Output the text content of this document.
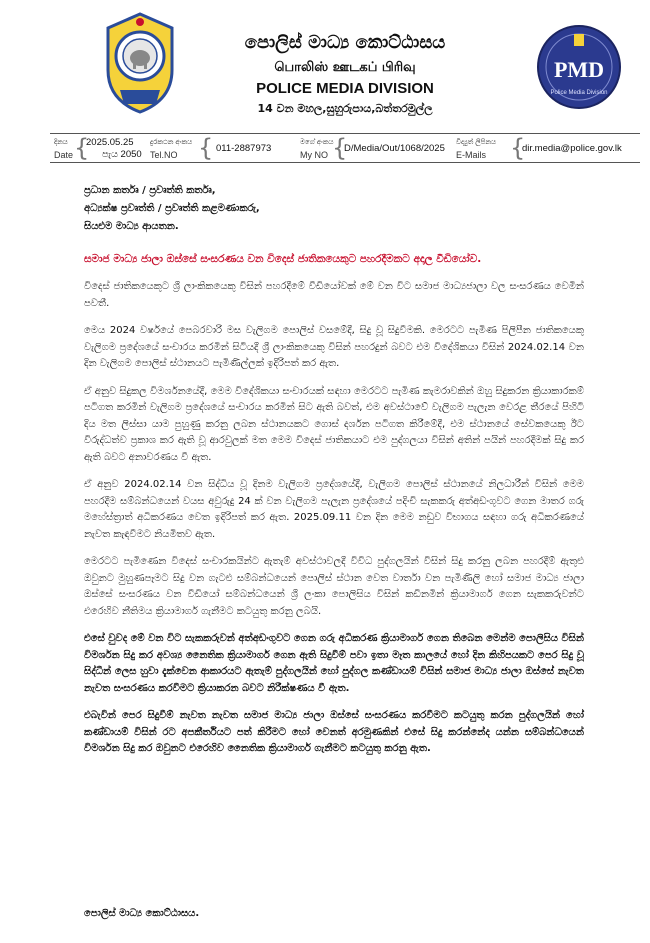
පොලිස් මාධ්‍ය කොට්ඨාසය
பொலிஸ் ஊடகப் பிரிவு
POLICE MEDIA DIVISION
14 වන මහල,සුහුරුපාය,බත්තරමුල්ල
PMD
Police Media Division
දිනය
Date {
2025.05.25
පැය 2050
දුරකථන අංකය
Tel.NO { 011-2887973
මගේ අංකය
My NO {
D/Media/Out/1068/2025
විද්‍යුත් ලිපිනය
E-Mails {
dir.media@police.gov.lk
ප්‍රධාන කර්තෘ / ප්‍රවෘත්ති කර්තෘ,
අධ්‍යක්ෂ ප්‍රවෘත්ති / ප්‍රවෘත්ති කළමණාකරු,
සියළුම මාධ්‍ය ආයතන.
සමාජ මාධ්‍ය ජාලා ඔස්සේ සංසරණය වන විදෙස් ජාතිකයෙකුට පහරදීමකට අදාල වීඩියෝව.

විදෙස් ජාතිකයෙකුට ශ්‍රී ලාංකිකයෙකු විසින් පහරදීමේ වීඩියෝවක් මේ වන විට සමාජ මාධ්‍යජාලා වල සංසරණය වෙමින් පවතී.

මෙය 2024 වර්ෂයේ පෙබරවාරි මස වැලිගම පොලිස් වසමේදී, සිදු වූ සිදුවීමකි. මෙරටට පැමිණ පිලිපීන ජාතිකයෙකු වැලිගම ප්‍රදේශයේ සංචාරය කරමින් සිටියදී ශ්‍රී ලාංකිකයෙකු විසින් පහරදුන් බවට එම විදේශිකයා විසින් 2024.02.14 වන දින වැලිගම පොලිස් ස්ථානයට පැමිණිල්ලක් ඉදිරිපත් කර ඇත.

ඒ අනුව සිදුකල විමර්ශනයේදී, මෙම විදේශිකයා සංචාරයක් සඳහා මෙරටට පැමිණ කැමරාවකින් ඔහු සිදුකරන ක්‍රියාකාරකම් පටිගත කරමින් වැලිගම ප්‍රදේශයේ සංචාරය කරමින් සිට ඇති බවත්, එම අවස්ථාවේ වැලිගම පැලැන වෙරළ තීරයේ පිහිටි දිය මත ලිස්සා යාම පුහුණු කරනු ලබන ස්ථානයකට ගොස් දර්ශන පටිගත කිරීමේදී, එම ස්ථානයේ සේවකයෙකු ඊට විරුද්ධත්ව ප්‍රකාශ කර ඇති වූ ආරවුලක් මත මෙම විදෙස් ජාතිකයාට එම පුද්ගලයා විසින් අතින් පයින් පහරදීමක් සිදු කර ඇති බවට අනාවරණය වී ඇත.

ඒ අනුව 2024.02.14 වන සිද්ධිය වූ දිනම වැලිගම ප්‍රදේශයේදී, වැලිගම පොලිස් ස්ථානයේ නිලධාරීන් විසින් මෙම පහරදීම සම්බන්ධයෙන් වයස අවුරුදු 24 ක් වන වැලිගම පැලැන ප්‍රදේශයේ පදිංචි සැකකරු අත්අඩංගුවට ගෙන මාතර ගරු මහේස්ත්‍රාත් අධිකරණය වෙත ඉදිරිපත් කර ඇත. 2025.09.11 වන දින මෙම නඩුව විභාගය සඳහා ගරු අධිකරණයේ නැවත කැඳවීමට නියමිතව ඇත.

මෙරටට පැමිණෙන විදෙස් සංචාරකයින්ට ඇතැම් අවස්ථාවලදී විවිධ පුද්ගලයින් විසින් සිදු කරනු ලබන පහරදීම් ඇතුළු ඔවුනට මුහුණපෑමට සිදු වන ගැටළු සම්බන්ධයෙන් පොලිස් ස්ථාන වෙත වාර්තා වන පැමිණිලි හෝ සමාජ මාධ්‍ය ජාලා ඔස්සේ සංසරණය වන වීඩියෝ සම්බන්ධයෙන් ශ්‍රී ලංකා පොලිසිය විසින් කඩිනමින් ක්‍රියාමාර්ග ගෙන සැකකරුවන්ට එරෙහිව නීතිමය ක්‍රියාමාර්ග ගැනීමට කටයුතු කරනු ලබයි.

එසේ වුවද මේ වන විට සැකකරුවන් අත්අඩංගුවට ගෙන ගරු අධිකරණ ක්‍රියාමාර්ග ගෙන තිබෙන මෙන්ම පොලිසිය විසින් විමර්ශන සිදු කර අවශ්‍ය නෛතික ක්‍රියාමාර්ග ගෙන ඇති සිදුවීම් පවා ඉතා මෑත කාලයේ හෝ දින කිහිපයකට පෙර සිදු වූ සිද්ධීන් ලෙස හුවා දැක්වෙන ආකාරයට ඇතැම් පුද්ගලයින් හෝ පුද්ගල කණ්ඩායම් විසින් සමාජ මාධ්‍ය ජාලා ඔස්සේ නැවත නැවත සංසරණය කරවීමට ක්‍රියාකරන බවට නිරීක්ෂණය වී ඇත.

එබැවින් පෙර සිදුවීම් නැවත නැවත සමාජ මාධ්‍ය ජාලා ඔස්සේ සංසරණය කරවීමට කටයුතු කරන පුද්ගලයින් හෝ කණ්ඩායම් විසින් රට අපකීර්තියට පත් කිරීමට හෝ වෙනත් අරමුණකින් එසේ සිදු කරන්නේද යන්න සම්බන්ධයෙන් විමර්ශන සිදු කර ඔවුනට එරෙහිව නෛතික ක්‍රියාමාර්ග ගැනීමට කටයුතු කරනු ඇත.

පොලිස් මාධ්‍ය කොට්ඨාසය.
